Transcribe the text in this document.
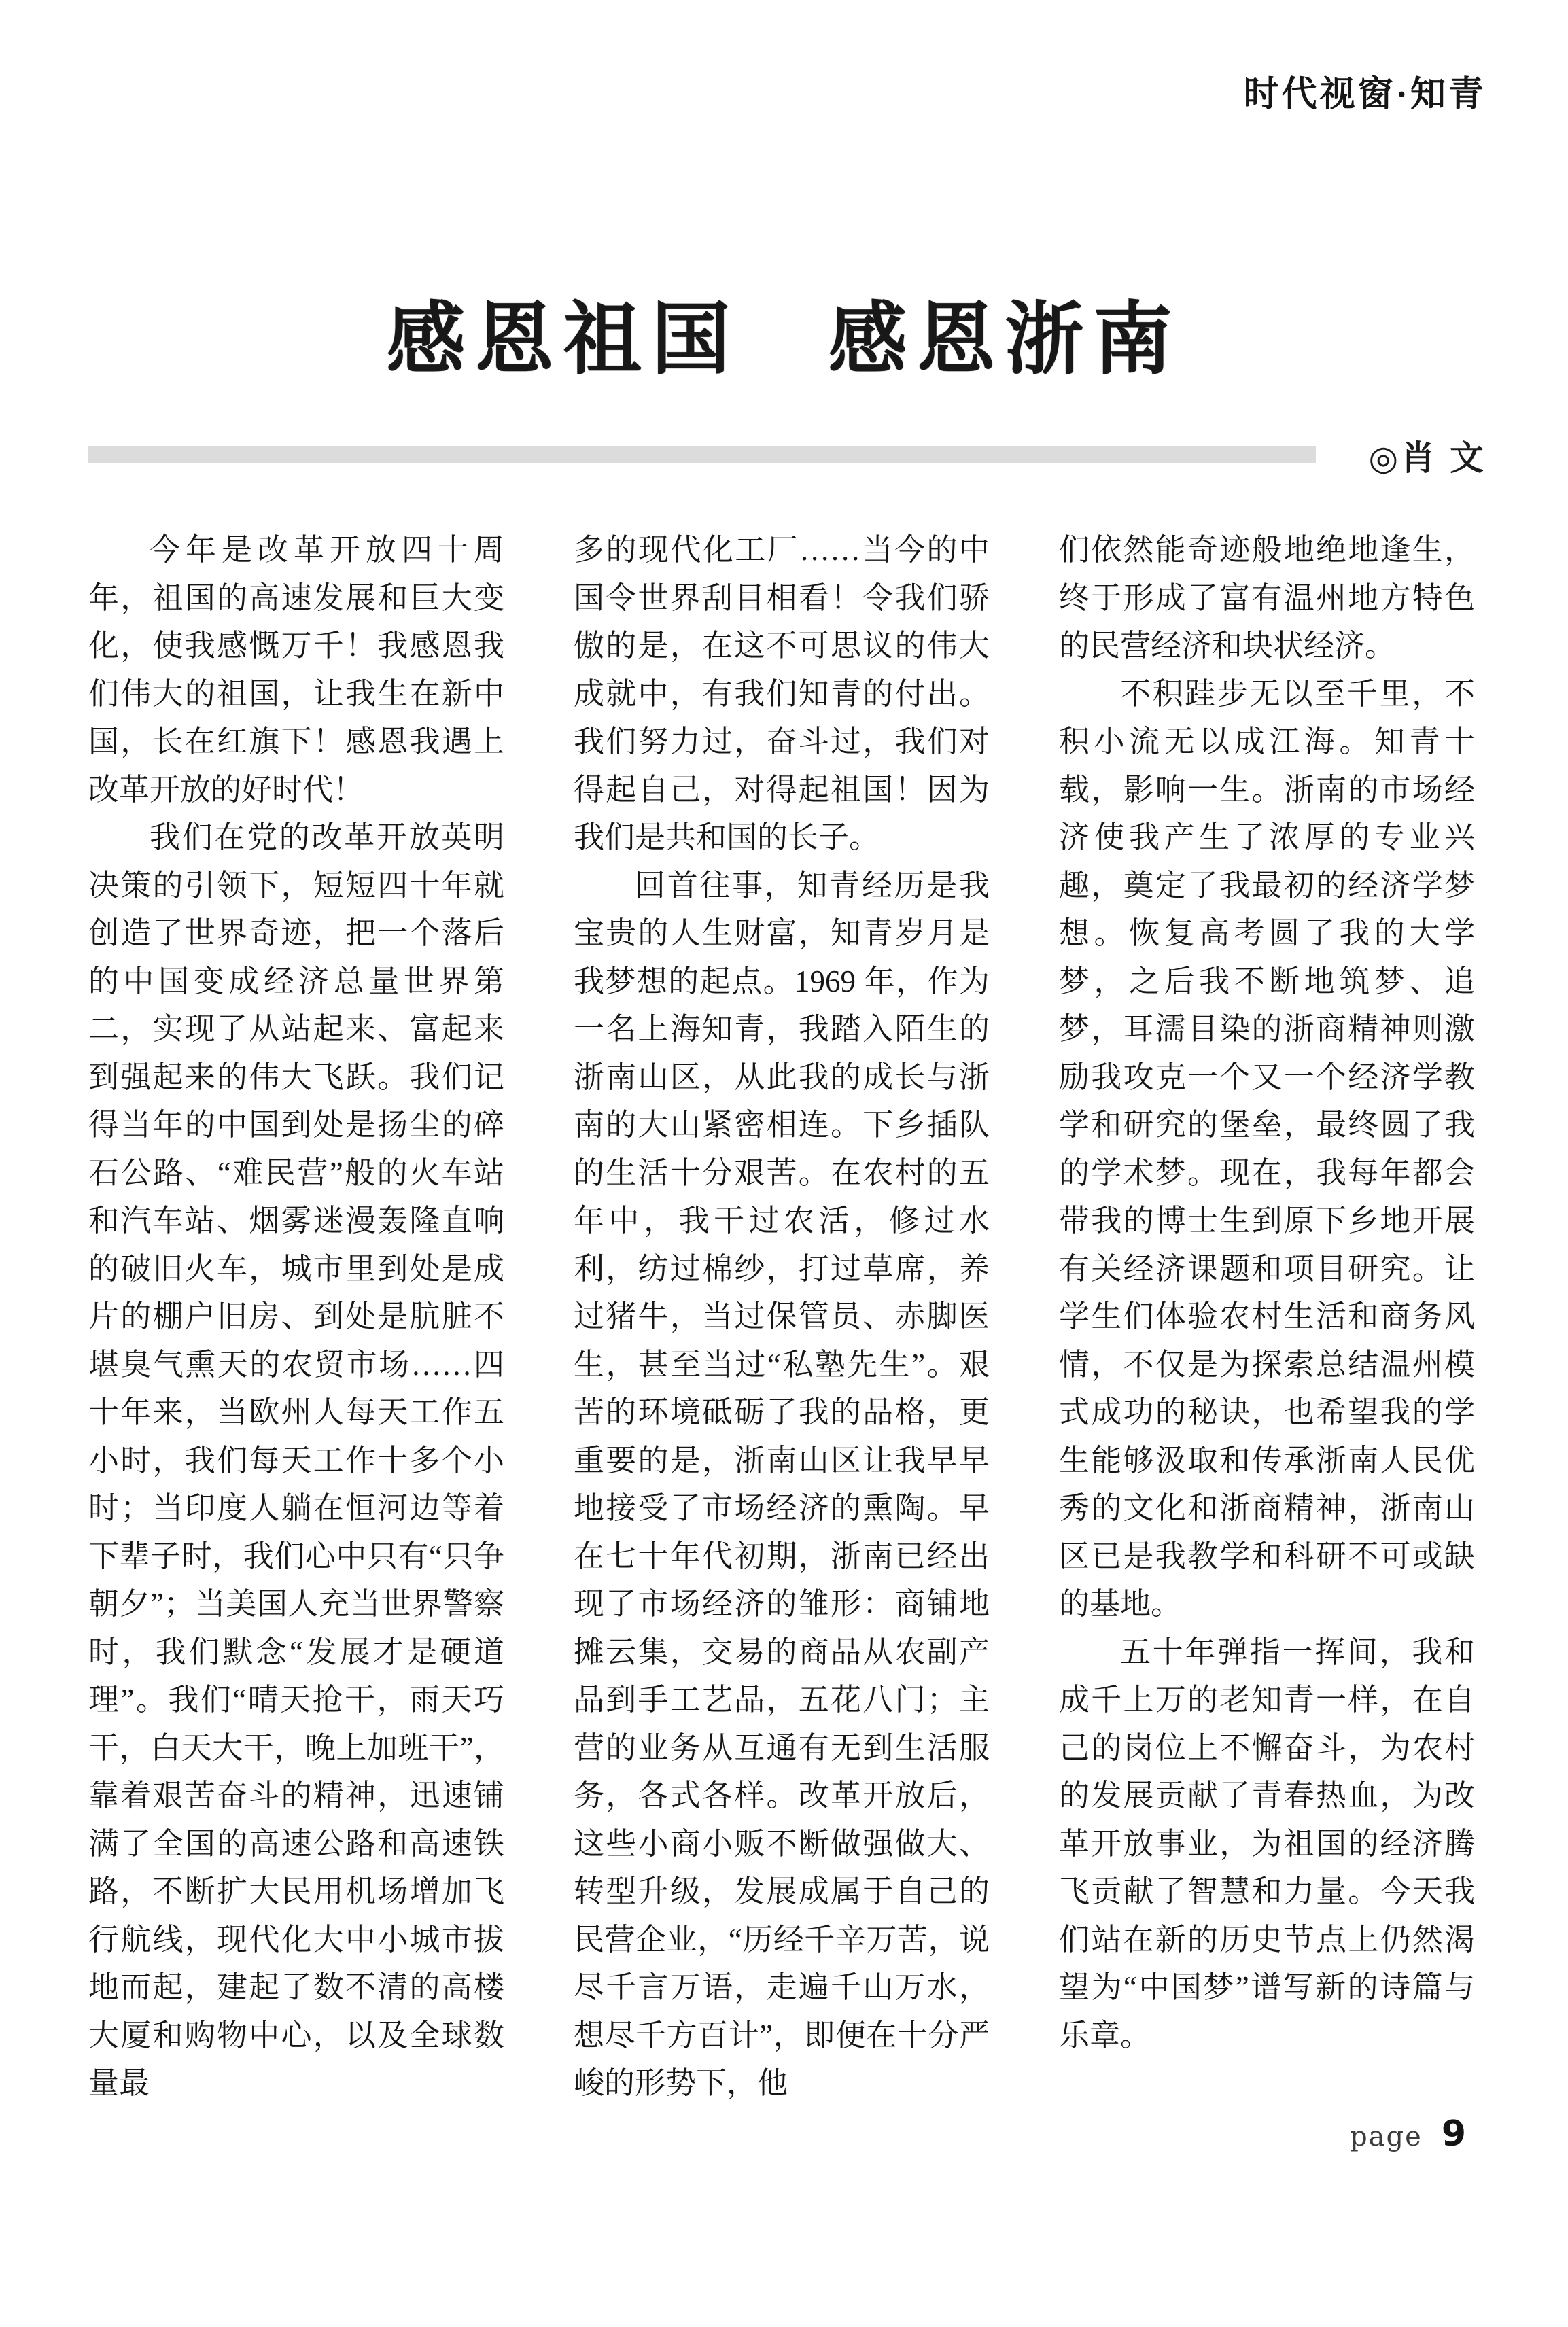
时代视窗·知青
感恩祖国　感恩浙南
◎肖 文

今年是改革开放四十周年，祖国的高速发展和巨大变化，使我感慨万千！我感恩我们伟大的祖国，让我生在新中国，长在红旗下！感恩我遇上改革开放的好时代！

我们在党的改革开放英明决策的引领下，短短四十年就创造了世界奇迹，把一个落后的中国变成经济总量世界第二，实现了从站起来、富起来到强起来的伟大飞跃。我们记得当年的中国到处是扬尘的碎石公路、“难民营”般的火车站和汽车站、烟雾迷漫轰隆直响的破旧火车，城市里到处是成片的棚户旧房、到处是肮脏不堪臭气熏天的农贸市场……四十年来，当欧州人每天工作五小时，我们每天工作十多个小时；当印度人躺在恒河边等着下辈子时，我们心中只有“只争朝夕”；当美国人充当世界警察时，我们默念“发展才是硬道理”。我们“晴天抢干，雨天巧干，白天大干，晚上加班干”，靠着艰苦奋斗的精神，迅速铺满了全国的高速公路和高速铁路，不断扩大民用机场增加飞行航线，现代化大中小城市拔地而起，建起了数不清的高楼大厦和购物中心，以及全球数量最

多的现代化工厂……当今的中国令世界刮目相看！令我们骄傲的是，在这不可思议的伟大成就中，有我们知青的付出。我们努力过，奋斗过，我们对得起自己，对得起祖国！因为我们是共和国的长子。

回首往事，知青经历是我宝贵的人生财富，知青岁月是我梦想的起点。1969 年，作为一名上海知青，我踏入陌生的浙南山区，从此我的成长与浙南的大山紧密相连。下乡插队的生活十分艰苦。在农村的五年中，我干过农活，修过水利，纺过棉纱，打过草席，养过猪牛，当过保管员、赤脚医生，甚至当过“私塾先生”。艰苦的环境砥砺了我的品格，更重要的是，浙南山区让我早早地接受了市场经济的熏陶。早在七十年代初期，浙南已经出现了市场经济的雏形：商铺地摊云集，交易的商品从农副产品到手工艺品，五花八门；主营的业务从互通有无到生活服务，各式各样。改革开放后，这些小商小贩不断做强做大、转型升级，发展成属于自己的民营企业，“历经千辛万苦，说尽千言万语，走遍千山万水，想尽千方百计”，即便在十分严峻的形势下，他

们依然能奇迹般地绝地逢生，终于形成了富有温州地方特色的民营经济和块状经济。

不积跬步无以至千里，不积小流无以成江海。知青十载，影响一生。浙南的市场经济使我产生了浓厚的专业兴趣，奠定了我最初的经济学梦想。恢复高考圆了我的大学梦，之后我不断地筑梦、追梦，耳濡目染的浙商精神则激励我攻克一个又一个经济学教学和研究的堡垒，最终圆了我的学术梦。现在，我每年都会带我的博士生到原下乡地开展有关经济课题和项目研究。让学生们体验农村生活和商务风情，不仅是为探索总结温州模式成功的秘诀，也希望我的学生能够汲取和传承浙南人民优秀的文化和浙商精神，浙南山区已是我教学和科研不可或缺的基地。

五十年弹指一挥间，我和成千上万的老知青一样，在自己的岗位上不懈奋斗，为农村的发展贡献了青春热血，为改革开放事业，为祖国的经济腾飞贡献了智慧和力量。今天我们站在新的历史节点上仍然渴望为“中国梦”谱写新的诗篇与乐章。

page 9
